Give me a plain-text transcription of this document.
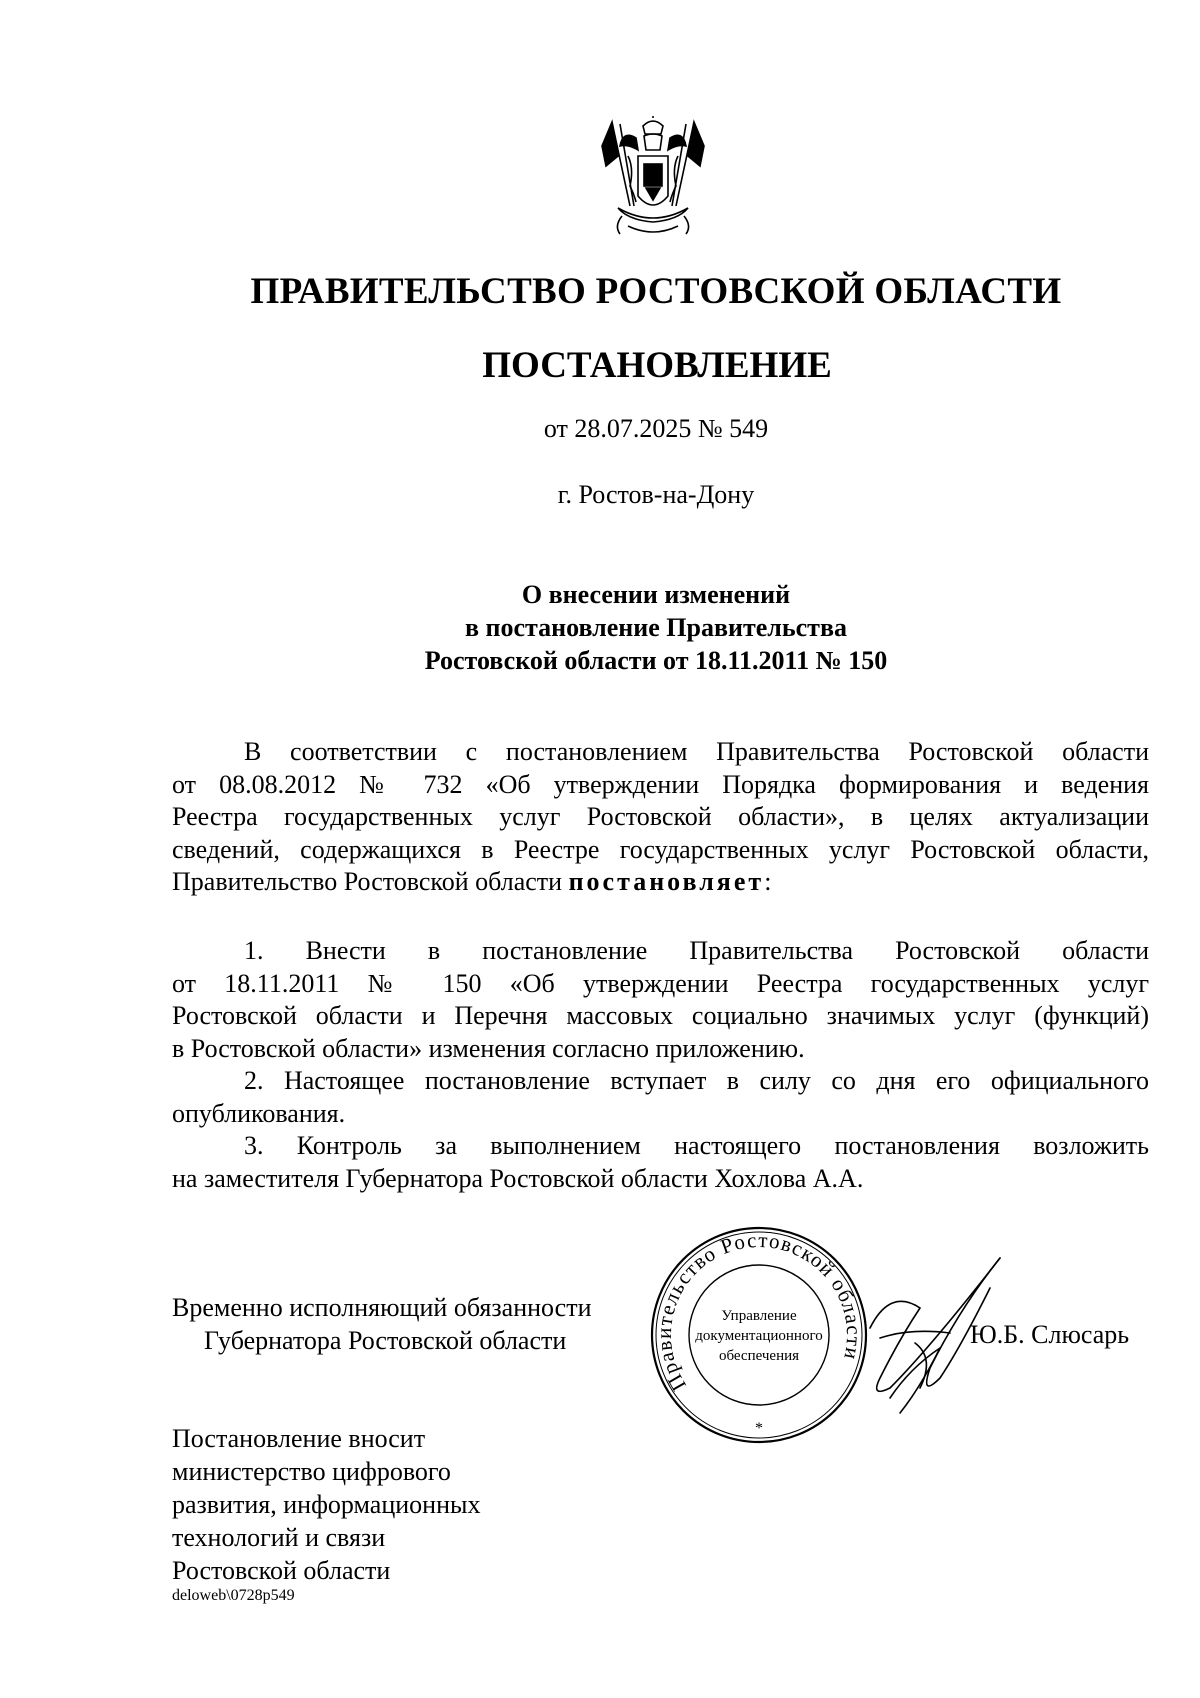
ПРАВИТЕЛЬСТВО РОСТОВСКОЙ ОБЛАСТИ
ПОСТАНОВЛЕНИЕ
от 28.07.2025 № 549
г. Ростов-на-Дону
О внесении изменений
в постановление Правительства
Ростовской области от 18.11.2011 № 150
В соответствии с постановлением Правительства Ростовской области
от 08.08.2012 № 732 «Об утверждении Порядка формирования и ведения
Реестра государственных услуг Ростовской области», в целях актуализации
сведений, содержащихся в Реестре государственных услуг Ростовской области,
Правительство Ростовской области постановляет:
1. Внести в постановление Правительства Ростовской области
от 18.11.2011 № 150 «Об утверждении Реестра государственных услуг
Ростовской области и Перечня массовых социально значимых услуг (функций)
в Ростовской области» изменения согласно приложению.
2. Настоящее постановление вступает в силу со дня его официального
опубликования.
3. Контроль за выполнением настоящего постановления возложить
на заместителя Губернатора Ростовской области Хохлова А.А.
Временно исполняющий обязанности
Губернатора Ростовской области
Правительство Ростовской области
Управление
документационного
обеспечения
*
Ю.Б. Слюсарь
Постановление вносит
министерство цифрового
развития, информационных
технологий и связи
Ростовской области
deloweb\0728p549
